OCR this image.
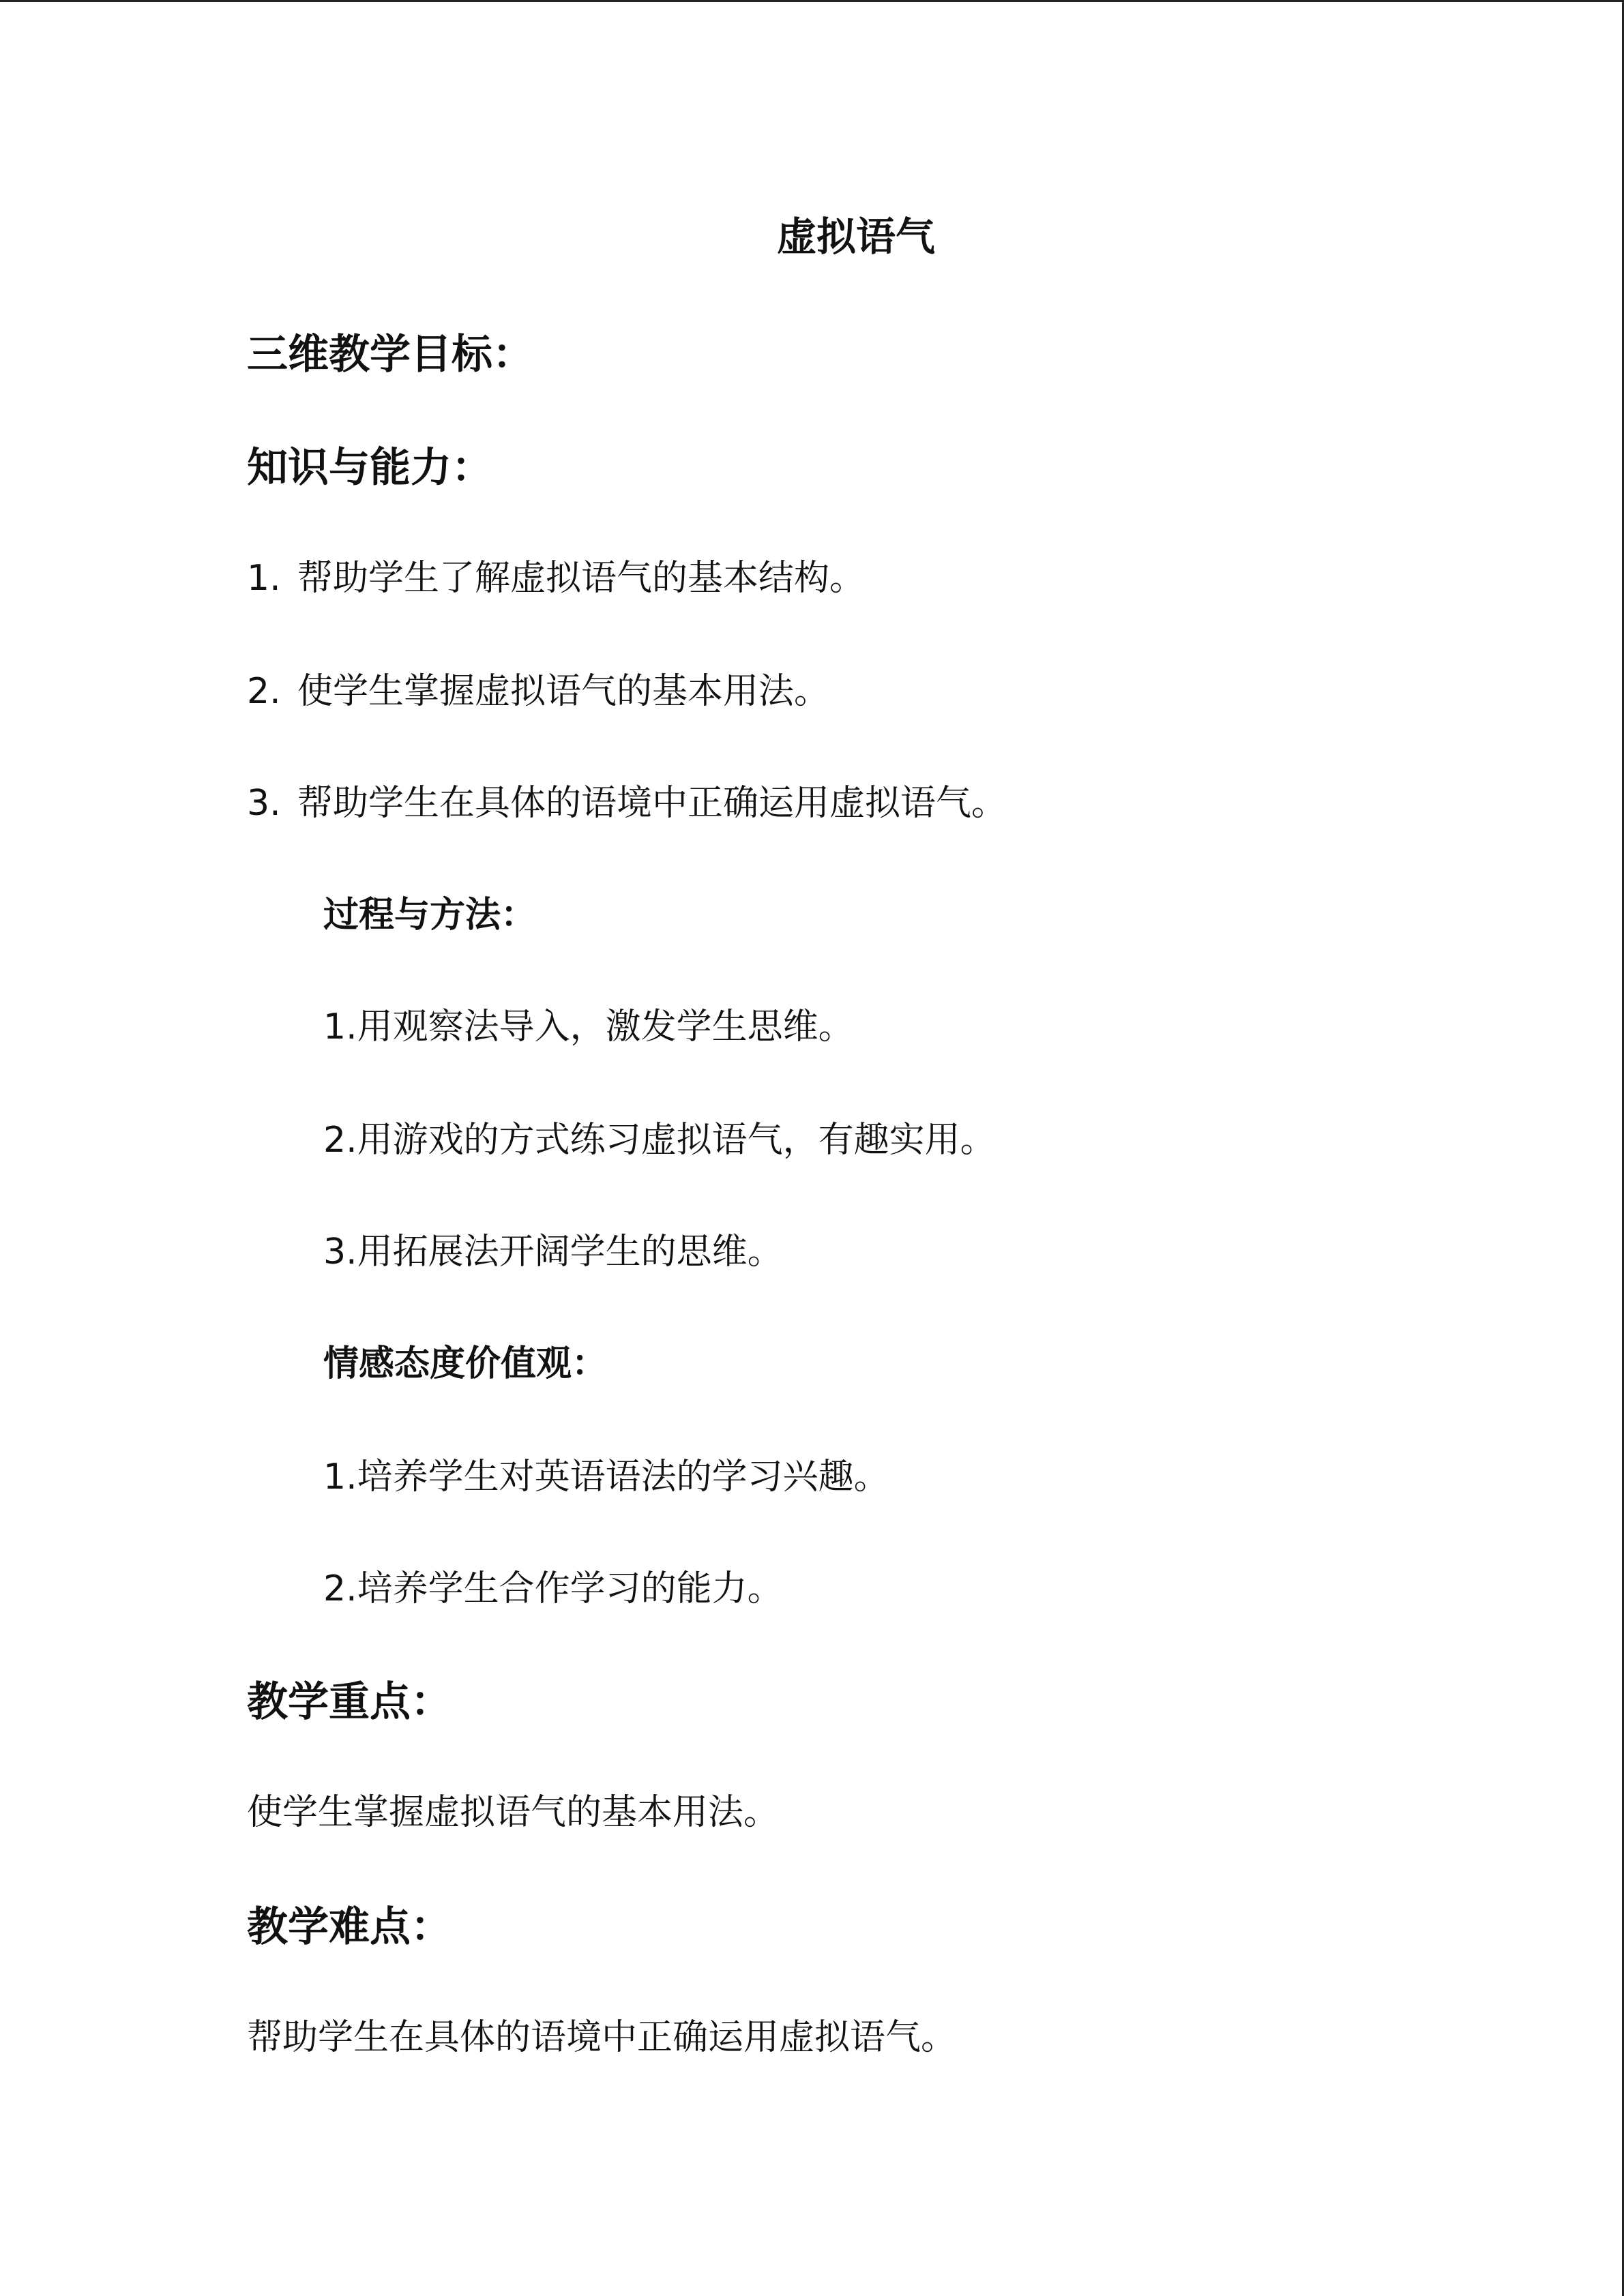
虚拟语气
三维教学目标：
知识与能力：
1. 帮助学生了解虚拟语气的基本结构。
2. 使学生掌握虚拟语气的基本用法。
3. 帮助学生在具体的语境中正确运用虚拟语气。
过程与方法：
1.用观察法导入，激发学生思维。
2.用游戏的方式练习虚拟语气，有趣实用。
3.用拓展法开阔学生的思维。
情感态度价值观：
1.培养学生对英语语法的学习兴趣。
2.培养学生合作学习的能力。
教学重点：
使学生掌握虚拟语气的基本用法。
教学难点：
帮助学生在具体的语境中正确运用虚拟语气。
